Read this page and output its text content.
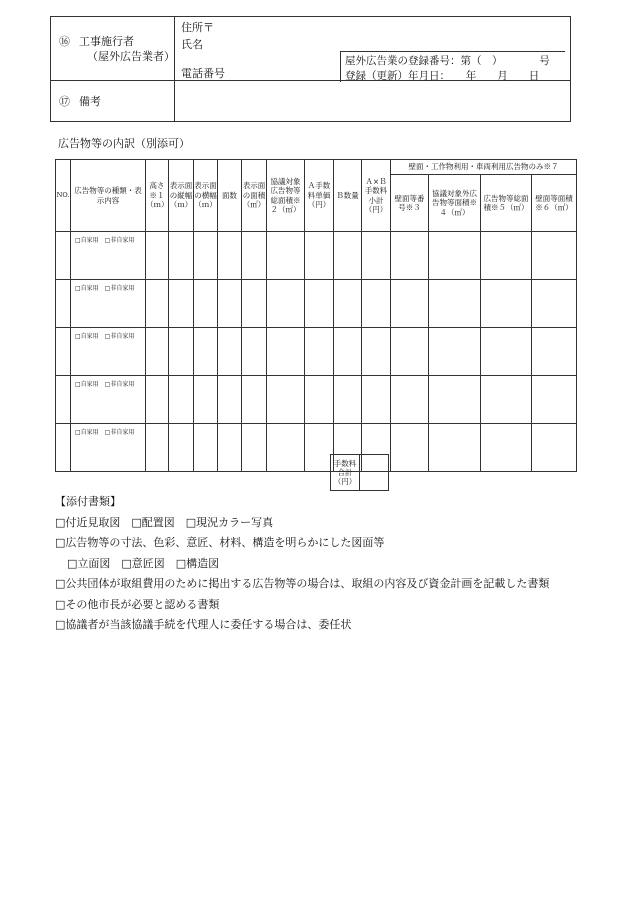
⑯ 工事施行者
（屋外広告業者）	住所〒
氏名
電話番号
屋外広告業の登録番号：第（　）　　　　号
登録（更新）年月日：　　年　　月　　日

⑰ 備考	
広告物等の内訳（別添可）
NO.	広告物等の種類・表示内容	高さ※１（ｍ）	表示面の縦幅（ｍ）	表示面の横幅（ｍ）	面数	表示面の面積（㎡）	協議対象広告物等総面積※２（㎡）	Ａ手数料単価（円）	Ｂ数量	Ａ×Ｂ手数料小計（円）	壁面・工作物利用・車両利用広告物のみ※７			
											壁面等番号※３	協議対象外広告物等面積※４（㎡）	広告物等総面積※５（㎡）	壁面等面積※６（㎡）
	□自家用　□非自家用													
	□自家用　□非自家用													
	□自家用　□非自家用													
	□自家用　□非自家用													
	□自家用　□非自家用													
手数料合計（円）	
【添付書類】
□付近見取図　□配置図　□現況カラー写真
□広告物等の寸法、色彩、意匠、材料、構造を明らかにした図面等
□立面図　□意匠図　□構造図
□公共団体が取組費用のために掲出する広告物等の場合は、取組の内容及び資金計画を記載した書類
□その他市長が必要と認める書類
□協議者が当該協議手続を代理人に委任する場合は、委任状
